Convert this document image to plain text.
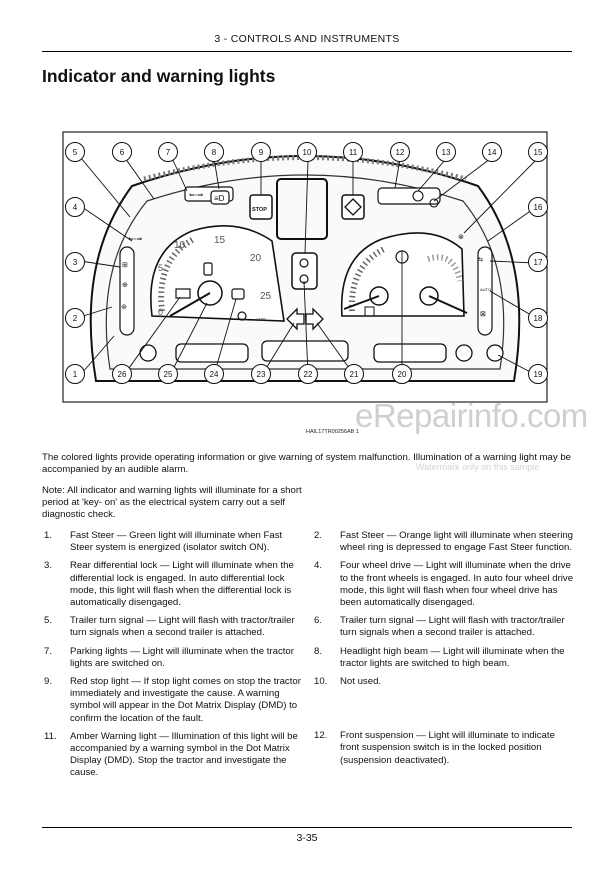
3 - CONTROLS AND INSTRUMENTS
Indicator and warning lights
eRepairinfo.com
0
5
10	15
20
25
x100
⇐◦⇒ ≡D
STOP
⊞
⊕
⊛
AUTO
⊠
⇐◦⇒	⊗
⇆
1
2
3
4
5	6	7	8	9	10	11	12	13	14	15
16
17
18
19
20
21
22
23
24
25
26
HAIL17TR00256AB 1
The colored lights provide operating information or give warning of system malfunction. Illumination of a warning light may be accompanied by an audible alarm.	Watermark only on this sample
Note: All indicator and warning lights will illuminate for a short period at 'key- on' as the electrical system carry out a self diagnostic check.
1.	Fast Steer — Green light will illuminate when Fast Steer system is energized (isolator switch ON).
3.	Rear differential lock — Light will illuminate when the differential lock is engaged. In auto differential lock mode, this light will flash when the differential lock is automatically disengaged.
5.	Trailer turn signal — Light will flash with tractor/trailer turn signals when a second trailer is attached.
7.	Parking lights — Light will illuminate when the tractor lights are switched on.
9.	Red stop light — If stop light comes on stop the tractor immediately and investigate the cause. A warning symbol will appear in the Dot Matrix Display (DMD) to confirm the location of the fault.
11.	Amber Warning light — Illumination of this light will be accompanied by a warning symbol in the Dot Matrix Display (DMD). Stop the tractor and investigate the cause.
2.	Fast Steer — Orange light will illuminate when steering wheel ring is depressed to engage Fast Steer function.
4.	Four wheel drive — Light will illuminate when the drive to the front wheels is engaged. In auto four wheel drive mode, this light will flash when four wheel drive has been automatically disengaged.
6.	Trailer turn signal — Light will flash with tractor/trailer turn signals when a second trailer is attached.
8.	Headlight high beam — Light will illuminate when the tractor lights are switched to high beam.
10.	Not used.
12.	Front suspension — Light will illuminate to indicate front suspension switch is in the locked position (suspension deactivated).
3-35
